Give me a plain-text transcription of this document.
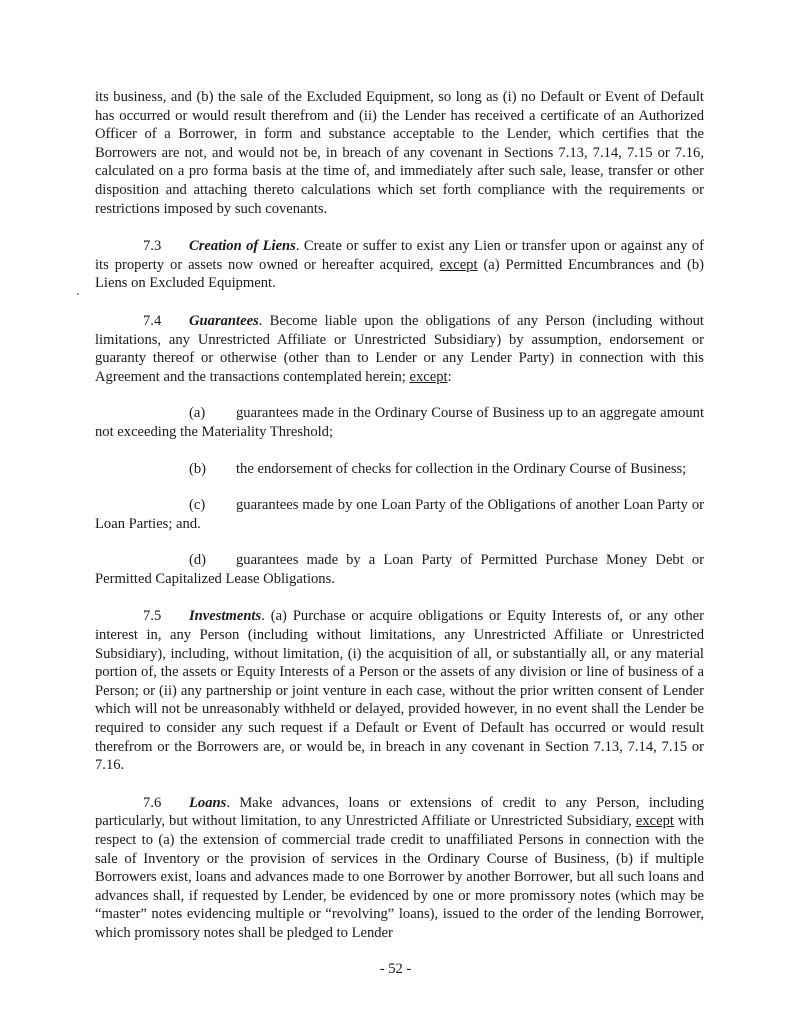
its business, and (b) the sale of the Excluded Equipment, so long as (i) no Default or Event of Default has occurred or would result therefrom and (ii) the Lender has received a certificate of an Authorized Officer of a Borrower, in form and substance acceptable to the Lender, which certifies that the Borrowers are not, and would not be, in breach of any covenant in Sections 7.13, 7.14, 7.15 or 7.16, calculated on a pro forma basis at the time of, and immediately after such sale, lease, transfer or other disposition and attaching thereto calculations which set forth compliance with the requirements or restrictions imposed by such covenants.

7.3 Creation of Liens. Create or suffer to exist any Lien or transfer upon or against any of its property or assets now owned or hereafter acquired, except (a) Permitted Encumbrances and (b) Liens on Excluded Equipment.

7.4 Guarantees. Become liable upon the obligations of any Person (including without limitations, any Unrestricted Affiliate or Unrestricted Subsidiary) by assumption, endorsement or guaranty thereof or otherwise (other than to Lender or any Lender Party) in connection with this Agreement and the transactions contemplated herein; except:

(a) guarantees made in the Ordinary Course of Business up to an aggregate amount not exceeding the Materiality Threshold;

(b) the endorsement of checks for collection in the Ordinary Course of Business;

(c) guarantees made by one Loan Party of the Obligations of another Loan Party or Loan Parties; and.

(d) guarantees made by a Loan Party of Permitted Purchase Money Debt or Permitted Capitalized Lease Obligations.

7.5 Investments. (a) Purchase or acquire obligations or Equity Interests of, or any other interest in, any Person (including without limitations, any Unrestricted Affiliate or Unrestricted Subsidiary), including, without limitation, (i) the acquisition of all, or substantially all, or any material portion of, the assets or Equity Interests of a Person or the assets of any division or line of business of a Person; or (ii) any partnership or joint venture in each case, without the prior written consent of Lender which will not be unreasonably withheld or delayed, provided however, in no event shall the Lender be required to consider any such request if a Default or Event of Default has occurred or would result therefrom or the Borrowers are, or would be, in breach in any covenant in Section 7.13, 7.14, 7.15 or 7.16.

7.6 Loans. Make advances, loans or extensions of credit to any Person, including particularly, but without limitation, to any Unrestricted Affiliate or Unrestricted Subsidiary, except with respect to (a) the extension of commercial trade credit to unaffiliated Persons in connection with the sale of Inventory or the provision of services in the Ordinary Course of Business, (b) if multiple Borrowers exist, loans and advances made to one Borrower by another Borrower, but all such loans and advances shall, if requested by Lender, be evidenced by one or more promissory notes (which may be “master” notes evidencing multiple or “revolving” loans), issued to the order of the lending Borrower, which promissory notes shall be pledged to Lender

- 52 -
